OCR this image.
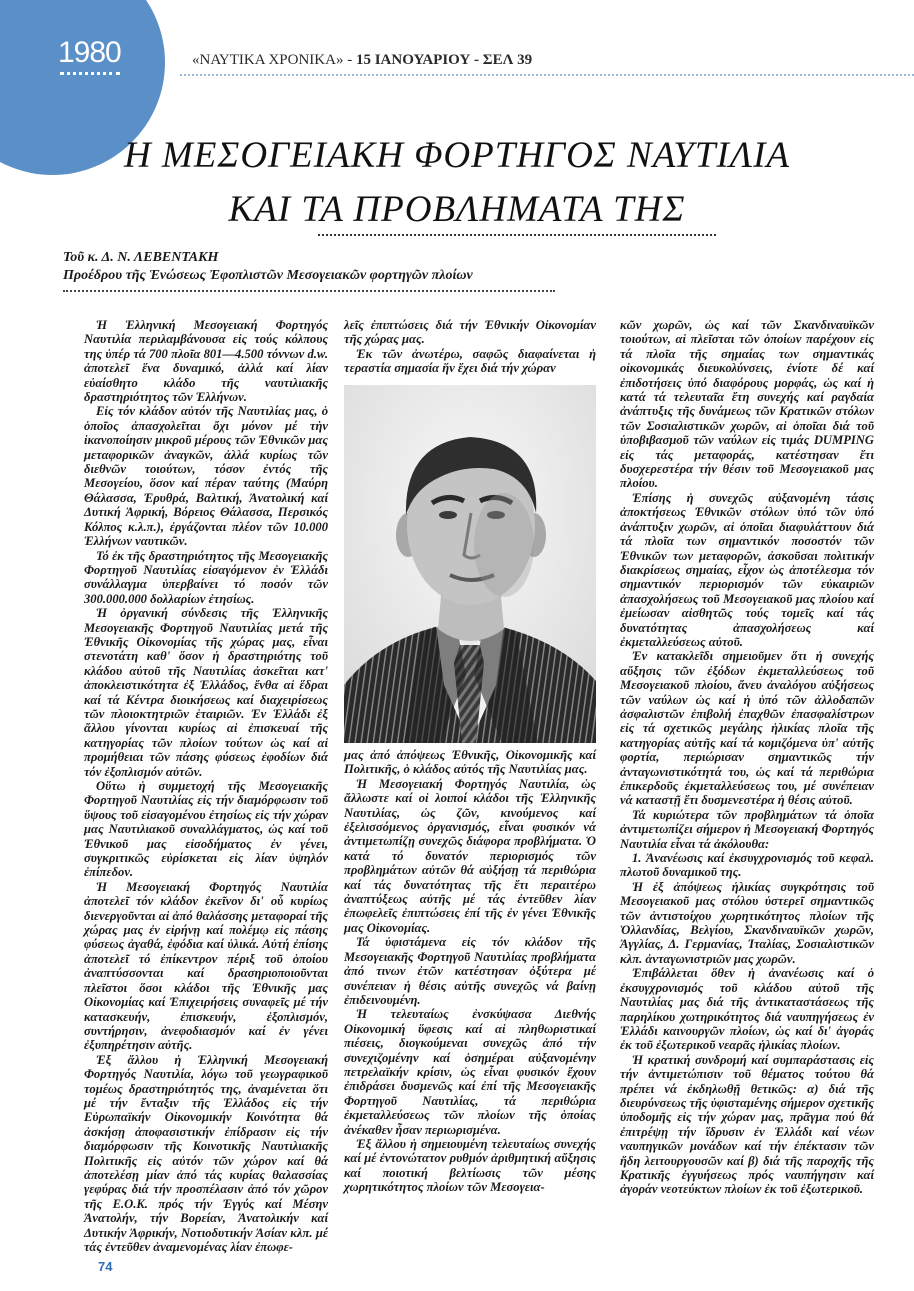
1980	«ΝΑΥΤΙΚΑ ΧΡΟΝΙΚΑ» - 15 ΙΑΝΟΥΑΡΙΟΥ - ΣΕΛ 39
Η ΜΕΣΟΓΕΙΑΚΗ ΦΟΡΤΗΓΟΣ ΝΑΥΤΙΛΙΑ
ΚΑΙ ΤΑ ΠΡΟΒΛΗΜΑΤΑ ΤΗΣ
Τοῦ κ. Δ. Ν. ΛΕΒΕΝΤΑΚΗ
Προέδρου τῆς Ἑνώσεως Ἐφοπλιστῶν Μεσογειακῶν φορτηγῶν πλοίων

Ἡ Ἑλληνική Μεσογειακή Φορτηγός Ναυτιλία περιλαμβάνουσα εἰς τούς κόλπους της ὑπέρ τά 700 πλοῖα 801—4.500 τόννων d.w. ἀποτελεῖ ἕνα δυναμικό, ἀλλά καί λίαν εὐαίσθητο κλάδο τῆς ναυτιλιακῆς δραστηριότητος τῶν Ἑλλήνων.

Εἰς τόν κλάδον αὐτόν τῆς Ναυτιλίας μας, ὁ ὁποῖος ἀπασχολεῖται ὄχι μόνον μέ τὴν ἱκανοποίησιν μικροῦ μέρους τῶν Ἐθνικῶν μας μεταφορικῶν ἀναγκῶν, ἀλλά κυρίως τῶν διεθνῶν τοιούτων, τόσον ἐντός τῆς Μεσογείου, ὅσον καί πέραν ταύτης (Μαύρη Θάλασσα, Ἐρυθρά, Βαλτική, Ἀνατολική καί Δυτική Ἀφρική, Βόρειος Θάλασσα, Περσικός Κόλπος κ.λ.π.), ἐργάζονται πλέον τῶν 10.000 Ἑλλήνων ναυτικῶν.

Τό ἐκ τῆς δραστηριότητος τῆς Μεσογειακῆς Φορτηγοῦ Ναυτιλίας εἰσαγόμενον ἐν Ἑλλάδι συνάλλαγμα ὑπερβαίνει τό ποσόν τῶν 300.000.000 δολλαρίων ἐτησίως.

Ἡ ὀργανική σύνδεσις τῆς Ἑλληνικῆς Μεσογειακῆς Φορτηγοῦ Ναυτιλίας μετά τῆς Ἐθνικῆς Οἰκονομίας τῆς χώρας μας, εἶναι στενοτάτη καθ' ὅσον ἡ δραστηριότης τοῦ κλάδου αὐτοῦ τῆς Ναυτιλίας ἀσκεῖται κατ' ἀποκλειστικότητα ἐξ Ἑλλάδος, ἔνθα αἱ ἕδραι καί τά Κέντρα διοικήσεως καί διαχειρίσεως τῶν πλοιοκτητριῶν ἑταιριῶν. Ἐν Ἑλλάδι ἐξ ἄλλου γίνονται κυρίως αἱ ἐπισκευαί τῆς κατηγορίας τῶν πλοίων τούτων ὡς καί αἱ προμήθειαι τῶν πάσης φύσεως ἐφοδίων διά τόν ἐξοπλισμόν αὐτῶν.

Οὕτω ἡ συμμετοχή τῆς Μεσογειακῆς Φορτηγοῦ Ναυτιλίας εἰς τήν διαμόρφωσιν τοῦ ὕψους τοῦ εἰσαγομένου ἐτησίως εἰς τήν χώραν μας Ναυτιλιακοῦ συναλλάγματος, ὡς καί τοῦ Ἐθνικοῦ μας εἰσοδήματος ἐν γένει, συγκριτικῶς εὑρίσκεται εἰς λίαν ὑψηλόν ἐπίπεδον.

Ἡ Μεσογειακή Φορτηγός Ναυτιλία ἀποτελεῖ τόν κλάδον ἐκεῖνον δι' οὗ κυρίως διενεργοῦνται αἱ ἀπό θαλάσσης μεταφοραί τῆς χώρας μας ἐν εἰρήνῃ καί πολέμῳ εἰς πάσης φύσεως ἀγαθά, ἐφόδια καί ὑλικά. Αὐτή ἐπίσης ἀποτελεῖ τό ἐπίκεντρον πέριξ τοῦ ὁποίου ἀναπτύσσονται καί δρασηριοποιοῦνται πλεῖστοι ὅσοι κλάδοι τῆς Ἐθνικῆς μας Οἰκονομίας καί Ἐπιχειρήσεις συναφεῖς μέ τήν κατασκευήν, ἐπισκευήν, ἐξοπλισμόν, συντήρησιν, ἀνεφοδιασμόν καί ἐν γένει ἐξυπηρέτησιν αὐτῆς.

Ἐξ ἄλλου ἡ Ἑλληνική Μεσογειακή Φορτηγός Ναυτιλία, λόγω τοῦ γεωγραφικοῦ τομέως δραστηριότητός της, ἀναμένεται ὅτι μέ τήν ἔνταξιν τῆς Ἑλλάδος εἰς τήν Εὐρωπαϊκήν Οἰκονομικήν Κοινότητα θά ἀσκήσῃ ἀποφασιστικήν ἐπίδρασιν εἰς τήν διαμόρφωσιν τῆς Κοινοτικῆς Ναυτιλιακῆς Πολιτικῆς εἰς αὐτόν τῶν χώρον καί θά ἀποτελέσῃ μίαν ἀπό τάς κυρίας θαλασσίας γεφύρας διά τήν προσπέλασιν ἀπό τόν χῶρον τῆς Ε.Ο.Κ. πρός τήν Ἐγγύς καί Μέσην Ἀνατολήν, τήν Βορείαν, Ἀνατολικήν καί Δυτικήν Ἀφρικήν, Νοτιοδυτικήν Ἀσίαν κλπ. μέ τάς ἐντεῦθεν ἀναμενομένας λίαν ἐπωφε-

λεῖς ἐπιπτώσεις διά τήν Ἐθνικήν Οἰκονομίαν τῆς χώρας μας.

Ἐκ τῶν ἀνωτέρω, σαφῶς διαφαίνεται ἡ τεραστία σημασία ἥν ἔχει διά τήν χώραν

μας ἀπό ἀπόψεως Ἐθνικῆς, Οἰκονομικῆς καί Πολιτικῆς, ὁ κλάδος αὐτός τῆς Ναυτιλίας μας.

Ἡ Μεσογειακή Φορτηγός Ναυτιλία, ὡς ἄλλωστε καί οἱ λοιποί κλάδοι τῆς Ἑλληνικῆς Ναυτιλίας, ὡς ζῶν, κινούμενος καί ἐξελισσόμενος ὀργανισμός, εἶναι φυσικόν νά ἀντιμετωπίζῃ συνεχῶς διάφορα προβλήματα. Ὁ κατά τό δυνατόν περιορισμός τῶν προβλημάτων αὐτῶν θά αὐξήσῃ τά περιθώρια καί τάς δυνατότητας τῆς ἔτι περαιτέρω ἀναπτύξεως αὐτῆς μέ τάς ἐντεῦθεν λίαν ἐπωφελεῖς ἐπιπτώσεις ἐπί τῆς ἐν γένει Ἐθνικῆς μας Οἰκονομίας.

Τά ὑφιστάμενα εἰς τόν κλάδον τῆς Μεσογειακῆς Φορτηγοῦ Ναυτιλίας προβλήματα ἀπό τινων ἐτῶν κατέστησαν ὀξύτερα μέ συνέπειαν ἡ θέσις αὐτῆς συνεχῶς νά βαίνῃ ἐπιδεινουμένη.

Ἡ τελευταίως ἐνσκύψασα Διεθνής Οἰκονομική ὕφεσις καί αἱ πληθωριστικαί πιέσεις, διογκούμεναι συνεχῶς ἀπό τήν συνεχιζομένην καί ὁσημέραι αὐξανομένην πετρελαϊκήν κρίσιν, ὡς εἶναι φυσικόν ἔχουν ἐπιδράσει δυσμενῶς καί ἐπί τῆς Μεσογειακῆς Φορτηγοῦ Ναυτιλίας, τά περιθώρια ἐκμεταλλεύσεως τῶν πλοίων τῆς ὁποίας ἀνέκαθεν ἦσαν περιωρισμένα.

Ἐξ ἄλλου ἡ σημειουμένη τελευταίως συνεχής καί μέ ἐντονώτατον ρυθμόν ἀριθμητική αὔξησις καί ποιοτική βελτίωσις τῶν μέσης χωρητικότητος πλοίων τῶν Μεσογεια-

κῶν χωρῶν, ὡς καί τῶν Σκανδιναυϊκῶν τοιούτων, αἱ πλεῖσται τῶν ὁποίων παρέχουν εἰς τά πλοῖα τῆς σημαίας των σημαντικάς οἰκονομικάς διευκολύνσεις, ἐνίοτε δέ καί ἐπιδοτήσεις ὑπό διαφόρους μορφάς, ὡς καί ἡ κατά τά τελευταῖα ἔτη συνεχής καί ραγδαία ἀνάπτυξις τῆς δυνάμεως τῶν Κρατικῶν στόλων τῶν Σοσιαλιστικῶν χωρῶν, αἱ ὁποῖαι διά τοῦ ὑποβιβασμοῦ τῶν ναύλων εἰς τιμάς DUMPING εἰς τάς μεταφοράς, κατέστησαν ἔτι δυσχερεστέρα τήν θέσιν τοῦ Μεσογειακοῦ μας πλοίου.

Ἐπίσης ἡ συνεχῶς αὐξανομένη τάσις ἀποκτήσεως Ἐθνικῶν στόλων ὑπό τῶν ὑπό ἀνάπτυξιν χωρῶν, αἱ ὁποῖαι διαφυλάττουν διά τά πλοῖα των σημαντικόν ποσοστόν τῶν Ἐθνικῶν των μεταφορῶν, ἀσκοῦσαι πολιτικήν διακρίσεως σημαίας, εἶχον ὡς ἀποτέλεσμα τόν σημαντικόν περιορισμόν τῶν εὐκαιριῶν ἀπασχολήσεως τοῦ Μεσογειακοῦ μας πλοίου καί ἐμείωσαν αἰσθητῶς τούς τομεῖς καί τάς δυνατότητας ἀπασχολήσεως καί ἐκμεταλλεύσεως αὐτοῦ.

Ἐν κατακλεῖδι σημειοῦμεν ὅτι ἡ συνεχής αὔξησις τῶν ἐξόδων ἐκμεταλλεύσεως τοῦ Μεσογειακοῦ πλοίου, ἄνευ ἀναλόγου αὐξήσεως τῶν ναύλων ὡς καί ἡ ὑπό τῶν ἀλλοδαπῶν ἀσφαλιστῶν ἐπιβολή ἐπαχθῶν ἐπασφαλίστρων εἰς τά σχετικῶς μεγάλης ἡλικίας πλοῖα τῆς κατηγορίας αὐτῆς καί τά κομιζόμενα ὑπ' αὐτῆς φορτία, περιώρισαν σημαντικῶς τήν ἀνταγωνιστικότητά του, ὡς καί τά περιθώρια ἐπικερδοῦς ἐκμεταλλεύσεως του, μέ συνέπειαν νά καταστῇ ἔτι δυσμενεστέρα ἡ θέσις αὐτοῦ.

Τά κυριώτερα τῶν προβλημάτων τά ὁποῖα ἀντιμετωπίζει σήμερον ἡ Μεσογειακή Φορτηγός Ναυτιλία εἶναι τά ἀκόλουθα:

1. Ἀνανέωσις καί ἐκσυγχρονισμός τοῦ κεφαλ. πλωτοῦ δυναμικοῦ της.

Ἡ ἐξ ἀπόψεως ἡλικίας συγκρότησις τοῦ Μεσογειακοῦ μας στόλου ὑστερεῖ σημαντικῶς τῶν ἀντιστοίχου χωρητικότητος πλοίων τῆς Ὁλλανδίας, Βελγίου, Σκανδιναυϊκῶν χωρῶν, Ἀγγλίας, Δ. Γερμανίας, Ἰταλίας, Σοσιαλιστικῶν κλπ. ἀνταγωνιστριῶν μας χωρῶν.

Ἐπιβάλλεται ὅθεν ἡ ἀνανέωσις καί ὁ ἐκσυγχρονισμός τοῦ κλάδου αὐτοῦ τῆς Ναυτιλίας μας διά τῆς ἀντικαταστάσεως τῆς παρηλίκου χωτηρικότητος διά ναυπηγήσεως ἐν Ἑλλάδι καινουργῶν πλοίων, ὡς καί δι' ἀγοράς ἐκ τοῦ ἐξωτερικοῦ νεαρᾶς ἡλικίας πλοίων.

Ἡ κρατική συνδρομή καί συμπαράστασις εἰς τήν ἀντιμετώπισιν τοῦ θέματος τούτου θά πρέπει νά ἐκδηλωθῇ θετικῶς: α) διά τῆς διευρύνσεως τῆς ὑφισταμένης σήμερον σχετικῆς ὑποδομῆς εἰς τήν χώραν μας, πρᾶγμα πού θά ἐπιτρέψῃ τήν ἵδρυσιν ἐν Ἑλλάδι καί νέων ναυπηγικῶν μονάδων καί τήν ἐπέκτασιν τῶν ἤδη λειτουργουσῶν καί β) διά τῆς παροχῆς τῆς Κρατικῆς ἐγγυήσεως πρός ναυπήγησιν καί ἀγοράν νεοτεύκτων πλοίων ἐκ τοῦ ἐξωτερικοῦ.

74
